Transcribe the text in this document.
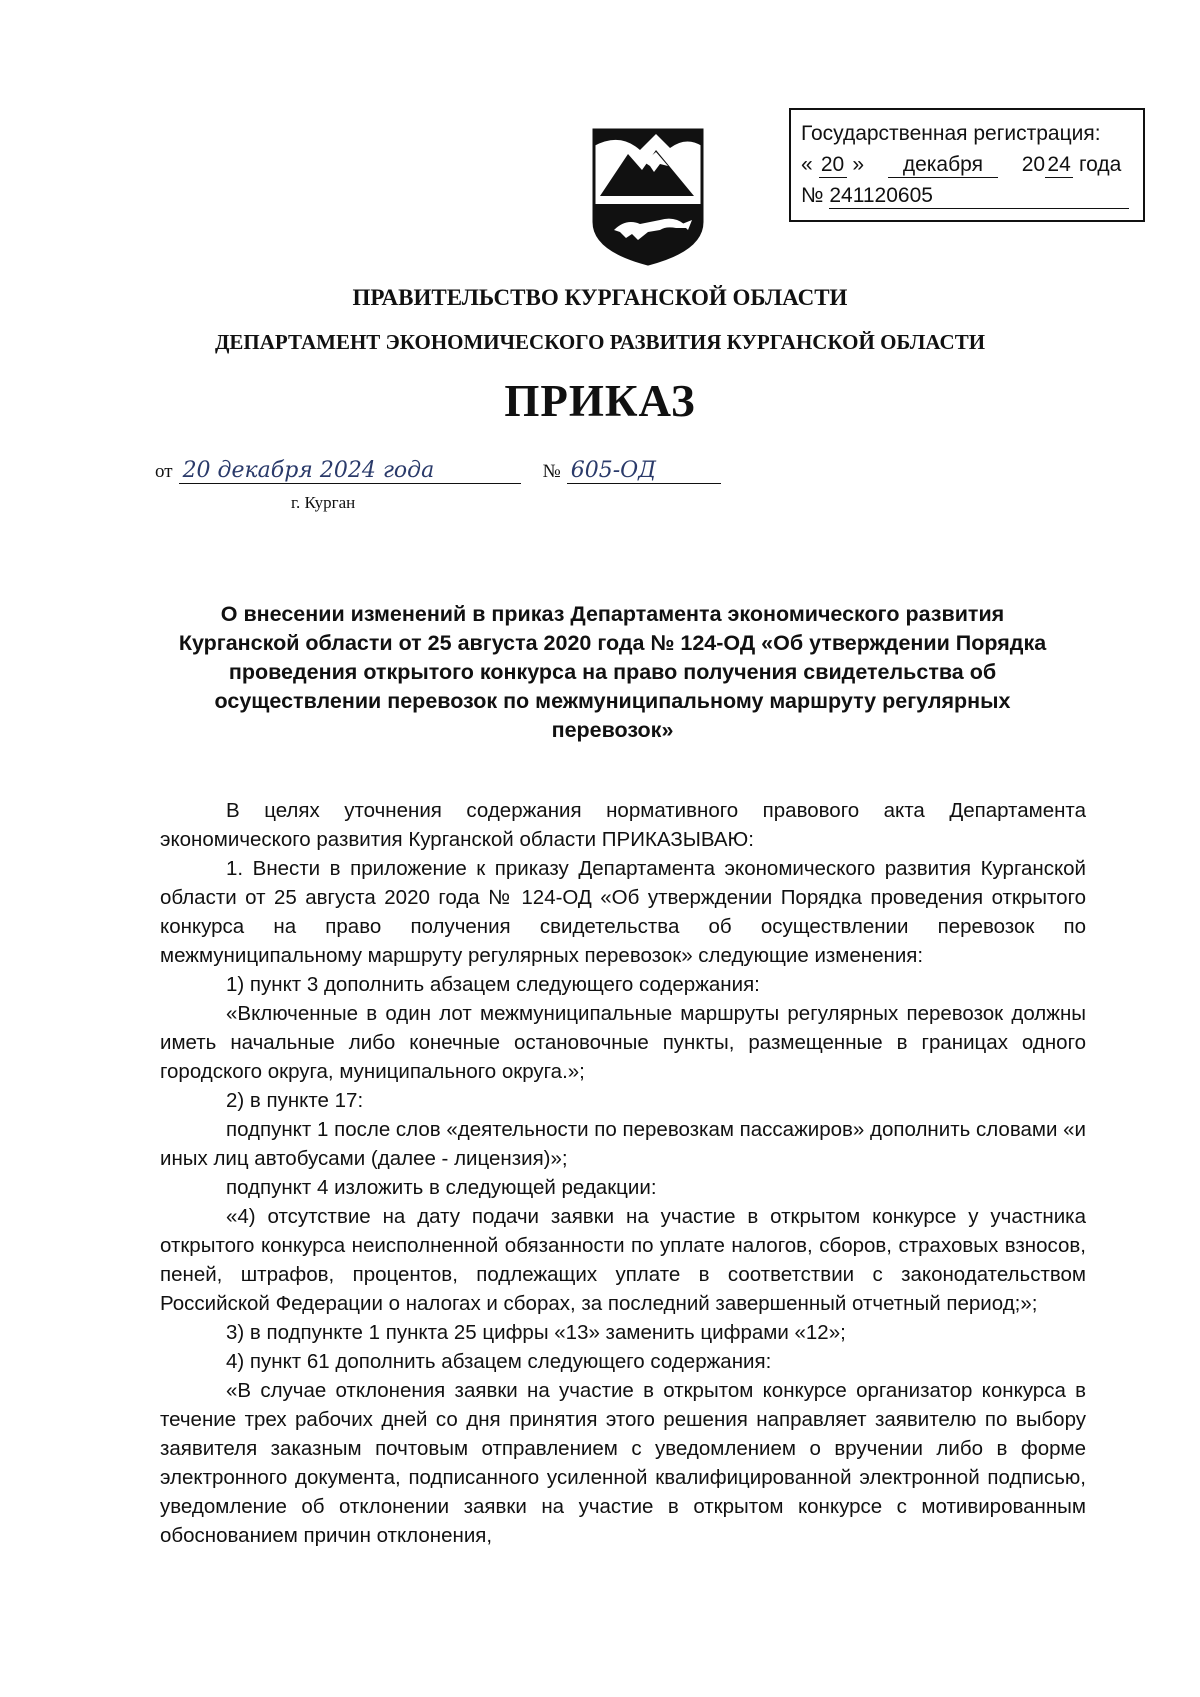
Государственная регистрация:
« 20 » декабря 20 24 года
№ 241120605
ПРАВИТЕЛЬСТВО КУРГАНСКОЙ ОБЛАСТИ
ДЕПАРТАМЕНТ ЭКОНОМИЧЕСКОГО РАЗВИТИЯ КУРГАНСКОЙ ОБЛАСТИ
ПРИКАЗ
от 20 декабря 2024 года	№ 605-ОД
г. Курган
О внесении изменений в приказ Департамента экономического развития Курганской области от 25 августа 2020 года № 124-ОД «Об утверждении Порядка проведения открытого конкурса на право получения свидетельства об осуществлении перевозок по межмуниципальному маршруту регулярных перевозок»

В целях уточнения содержания нормативного правового акта Департамента экономического развития Курганской области ПРИКАЗЫВАЮ:

1. Внести в приложение к приказу Департамента экономического развития Курганской области от 25 августа 2020 года № 124-ОД «Об утверждении Порядка проведения открытого конкурса на право получения свидетельства об осуществлении перевозок по межмуниципальному маршруту регулярных перевозок» следующие изменения:

1) пункт 3 дополнить абзацем следующего содержания:

«Включенные в один лот межмуниципальные маршруты регулярных перевозок должны иметь начальные либо конечные остановочные пункты, размещенные в границах одного городского округа, муниципального округа.»;

2) в пункте 17:

подпункт 1 после слов «деятельности по перевозкам пассажиров» дополнить словами «и иных лиц автобусами (далее - лицензия)»;

подпункт 4 изложить в следующей редакции:

«4) отсутствие на дату подачи заявки на участие в открытом конкурсе у участника открытого конкурса неисполненной обязанности по уплате налогов, сборов, страховых взносов, пеней, штрафов, процентов, подлежащих уплате в соответствии с законодательством Российской Федерации о налогах и сборах, за последний завершенный отчетный период;»;

3) в подпункте 1 пункта 25 цифры «13» заменить цифрами «12»;

4) пункт 61 дополнить абзацем следующего содержания:

«В случае отклонения заявки на участие в открытом конкурсе организатор конкурса в течение трех рабочих дней со дня принятия этого решения направляет заявителю по выбору заявителя заказным почтовым отправлением с уведомлением о вручении либо в форме электронного документа, подписанного усиленной квалифицированной электронной подписью, уведомление об отклонении заявки на участие в открытом конкурсе с мотивированным обоснованием причин отклонения,
